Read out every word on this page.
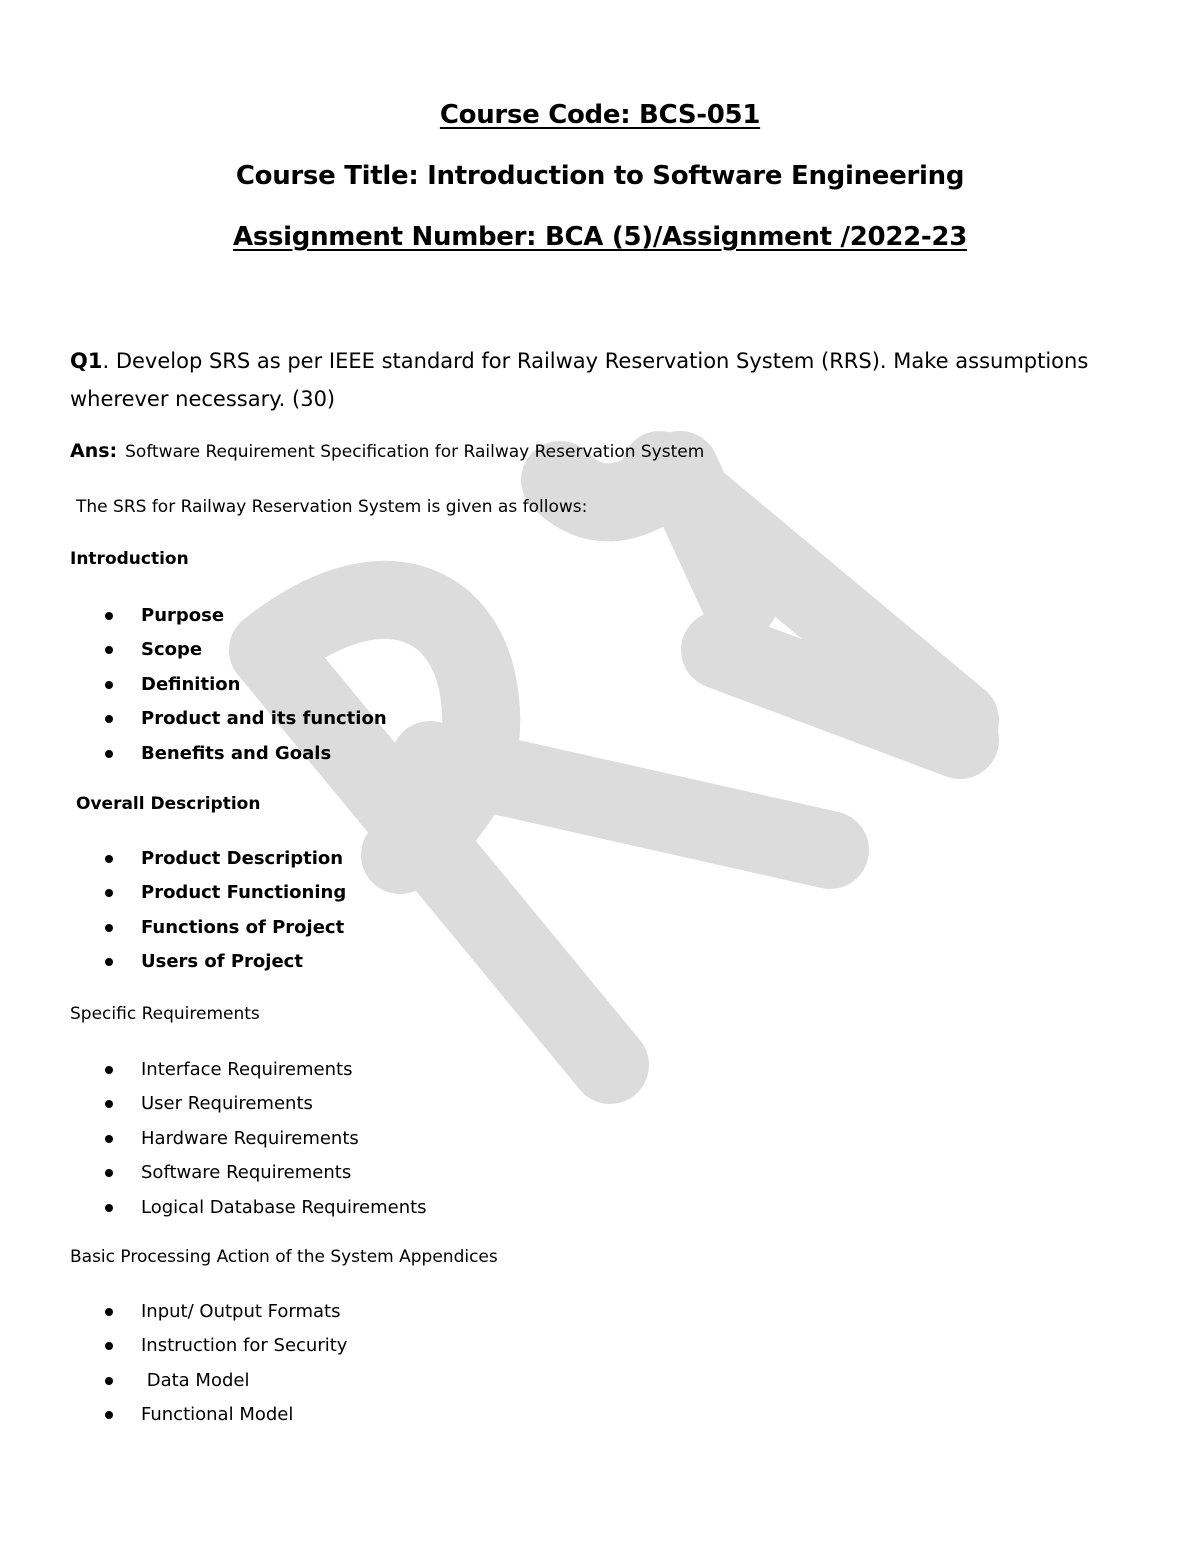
Course Code: BCS-051
Course Title: Introduction to Software Engineering
Assignment Number: BCA (5)/Assignment /2022-23
Q1. Develop SRS as per IEEE standard for Railway Reservation System (RRS). Make assumptions wherever necessary. (30)
Ans: Software Requirement Specification for Railway Reservation System
The SRS for Railway Reservation System is given as follows:
Introduction
Purpose
Scope
Definition
Product and its function
Benefits and Goals
Overall Description
Product Description
Product Functioning
Functions of Project
Users of Project
Specific Requirements
Interface Requirements
User Requirements
Hardware Requirements
Software Requirements
Logical Database Requirements
Basic Processing Action of the System Appendices
Input/ Output Formats
Instruction for Security
Data Model
Functional Model
